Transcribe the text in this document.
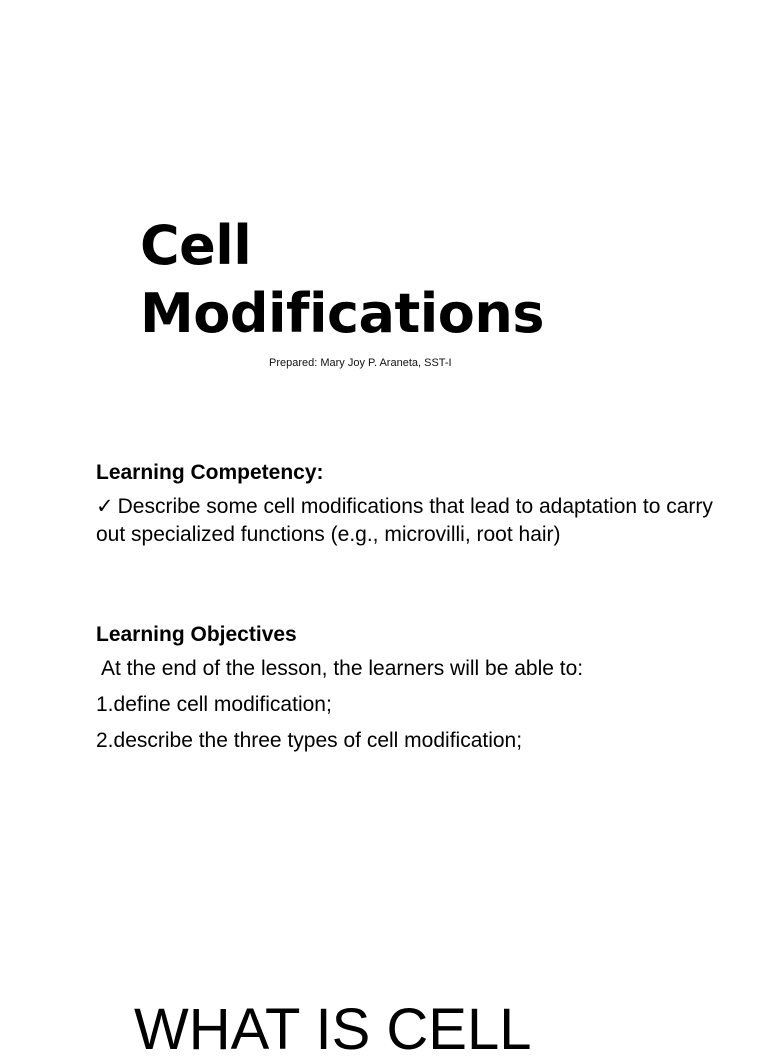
Cell
Modifications
Prepared: Mary Joy P. Araneta, SST-I
Learning Competency:

✓ Describe some cell modifications that lead to adaptation to carry out specialized functions (e.g., microvilli, root hair)

Learning Objectives
At the end of the lesson, the learners will be able to:
1.define cell modification;
2.describe the three types of cell modification;
WHAT IS CELL
